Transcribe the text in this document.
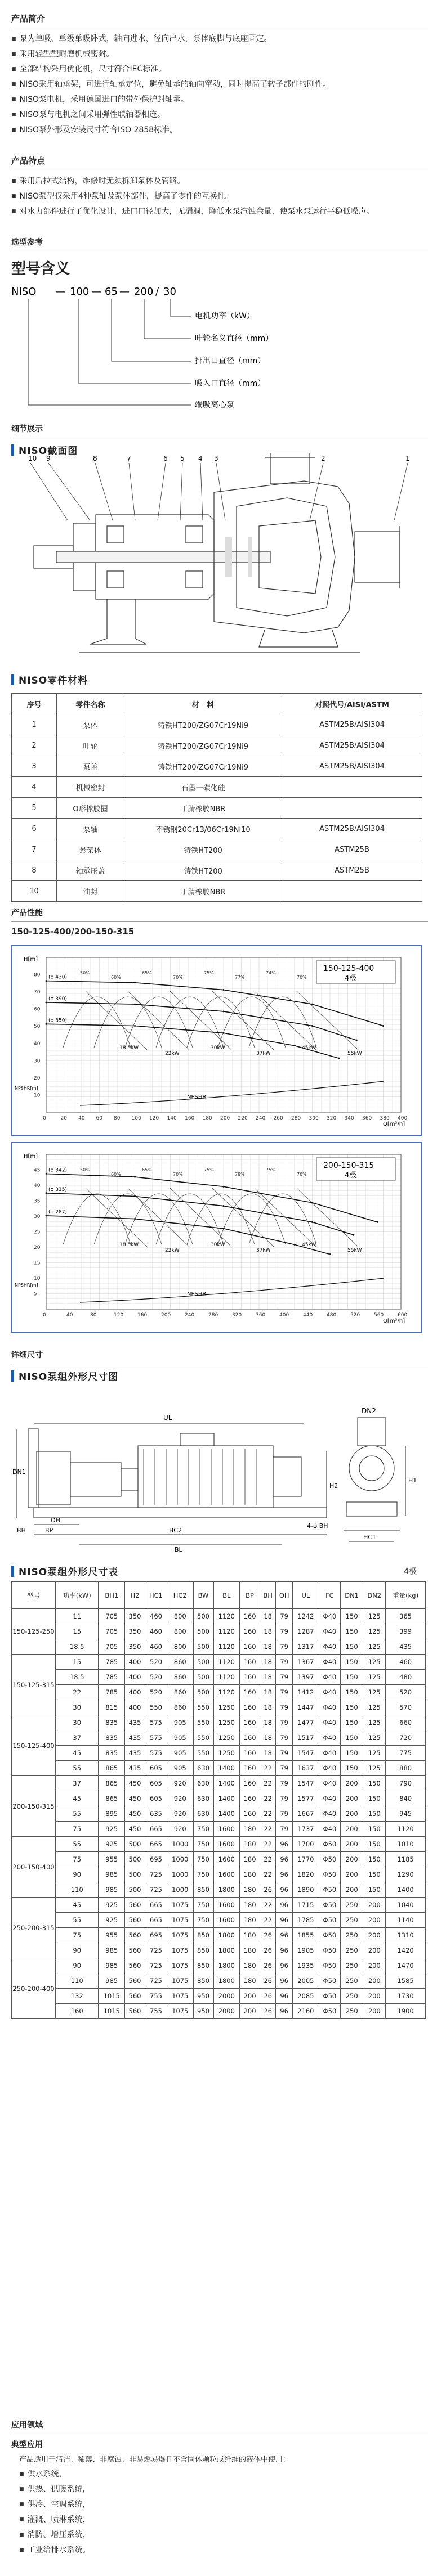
产品简介
■ 泵为单吸、单级单吸卧式，轴向进水，径向出水，泵体底脚与底座固定。
■ 采用轻型型耐磨机械密封。
■ 全部结构采用优化机，尺寸符合IEC标准。
■ NISO采用轴承架，可进行轴承定位，避免轴承的轴向窜动，同时提高了转子部件的刚性。
■ NISO泵电机，采用德国进口的带外保护封轴承。
■ NISO泵与电机之间采用弹性联轴器相连。
■ NISO泵外形及安装尺寸符合ISO 2858标准。
产品特点
■ 采用后拉式结构，维修时无须拆卸泵体及管路。
■ NISO泵型仅采用4种泵轴及泵体部件，提高了零件的互换性。
■ 对水力部件进行了优化设计，进口口径加大，无漏洞，降低水泵汽蚀余量，使泵水泵运行平稳低噪声。
选型参考
型号含义
NISO — 100 — 65 — 200 / 30
电机功率（kW）
叶轮名义直径（mm）
排出口直径（mm）
吸入口直径（mm）
端吸离心泵
细节展示
NISO截面图
10 9	8	7	6 5 4 3	2	1
NISO零件材料
序号	零件名称	材　料	对照代号/AISI/ASTM
1	泵体	铸铁HT200/ZG07Cr19Ni9	ASTM25B/AISI304
2	叶轮	铸铁HT200/ZG07Cr19Ni9	ASTM25B/AISI304
3	泵盖	铸铁HT200/ZG07Cr19Ni9	ASTM25B/AISI304
4	机械密封	石墨一碳化硅	
5	O形橡胶圈	丁腈橡胶NBR	
6	泵轴	不锈钢20Cr13/06Cr19Ni10	ASTM25B/AISI304
7	悬架体	铸铁HT200	ASTM25B
8	轴承压盖	铸铁HT200	ASTM25B
10	油封	丁腈橡胶NBR	
产品性能
150-125-400/200-150-315
0	20 40 60 80 100 120 140 160 180 200 220 240 260 280 300 320 340 360 380 400
10
20
30
40
50
60
70
80
H[m]
Q[m³/h]
NPSHR[m]
150-125-400
4极
50%
60%
65%
70%
75%
77%
74%
70%
18.5kW
22kW
30kW
37kW
45kW
55kW
(ϕ 430)
(ϕ 390)
(ϕ 350)
NPSHR
0	40	80	120	160	200	240	280	320	360	400	440	480	520	560	600
5
10
15
20
25
30
35
40
45
H[m]
Q[m³/h]
NPSHR[m]
200-150-315
4极
50%
60%
65%
70%
75%
78%
75%
70%
18.5kW
22kW
30kW
37kW
45kW
55kW
(ϕ 342)
(ϕ 315)
(ϕ 287)
NPSHR
详细尺寸
NISO泵组外形尺寸图
UL
DN2
DN1
H1
H2
OH
BP
BH	HC2
HC1
BL
4-ϕ BH
NISO泵组外形尺寸表	4极
型号	功率(kW)	BH1	H2	HC1	HC2	BW	BL	BP	BH	OH	UL	FC	DN1	DN2	重量(kg)
150-125-250	11	705	350	460	800	500	1120	160	18	79	1242	Φ40	150	125	365
	15	705	350	460	800	500	1120	160	18	79	1287	Φ40	150	125	399
	18.5	705	350	460	800	500	1120	160	18	79	1317	Φ40	150	125	435
150-125-315	15	785	400	520	860	500	1120	160	18	79	1367	Φ40	150	125	460
	18.5	785	400	520	860	500	1120	160	18	79	1397	Φ40	150	125	480
	22	785	400	520	860	500	1120	160	18	79	1412	Φ40	150	125	520
	30	815	400	550	860	550	1250	160	18	79	1447	Φ40	150	125	570
150-125-400	30	835	435	575	905	550	1250	160	18	79	1477	Φ40	150	125	660
	37	835	435	575	905	550	1250	160	18	79	1517	Φ40	150	125	720
	45	835	435	575	905	550	1250	160	18	79	1547	Φ40	150	125	775
	55	865	435	605	905	630	1400	160	22	79	1637	Φ40	150	125	880
200-150-315	37	865	450	605	920	630	1400	160	22	79	1547	Φ40	200	150	790
	45	865	450	605	920	630	1400	160	22	79	1577	Φ40	200	150	840
	55	895	450	635	920	630	1400	160	22	79	1667	Φ40	200	150	945
	75	925	450	665	920	750	1600	180	22	79	1737	Φ40	200	150	1120
200-150-400	55	925	500	665	1000	750	1600	180	22	96	1700	Φ50	200	150	1010
	75	955	500	695	1000	750	1600	180	22	96	1770	Φ50	200	150	1185
	90	985	500	725	1000	750	1600	180	22	96	1820	Φ50	200	150	1290
	110	985	500	725	1000	850	1800	180	26	96	1890	Φ50	200	150	1400
250-200-315	45	925	560	665	1075	750	1600	180	22	96	1715	Φ50	250	200	1040
	55	925	560	665	1075	750	1600	180	22	96	1785	Φ50	250	200	1140
	75	955	560	695	1075	850	1800	180	26	96	1855	Φ50	250	200	1310
	90	985	560	725	1075	850	1800	180	26	96	1905	Φ50	250	200	1420
250-200-400	90	985	560	725	1075	850	1800	180	26	96	1935	Φ50	250	200	1470
	110	985	560	725	1075	850	1800	180	26	96	2005	Φ50	250	200	1585
	132	1015	560	755	1075	950	2000	200	26	96	2085	Φ50	250	200	1730
	160	1015	560	755	1075	950	2000	200	26	96	2160	Φ50	250	200	1900
应用领域
典型应用
产品适用于清洁、稀薄、非腐蚀、非易燃易爆且不含固体颗粒或纤维的液体中使用：
■ 供水系统，
■ 供热、供暖系统，
■ 供冷、空调系统，
■ 灌溉、喷淋系统，
■ 消防、增压系统，
■ 工业给排水系统。
